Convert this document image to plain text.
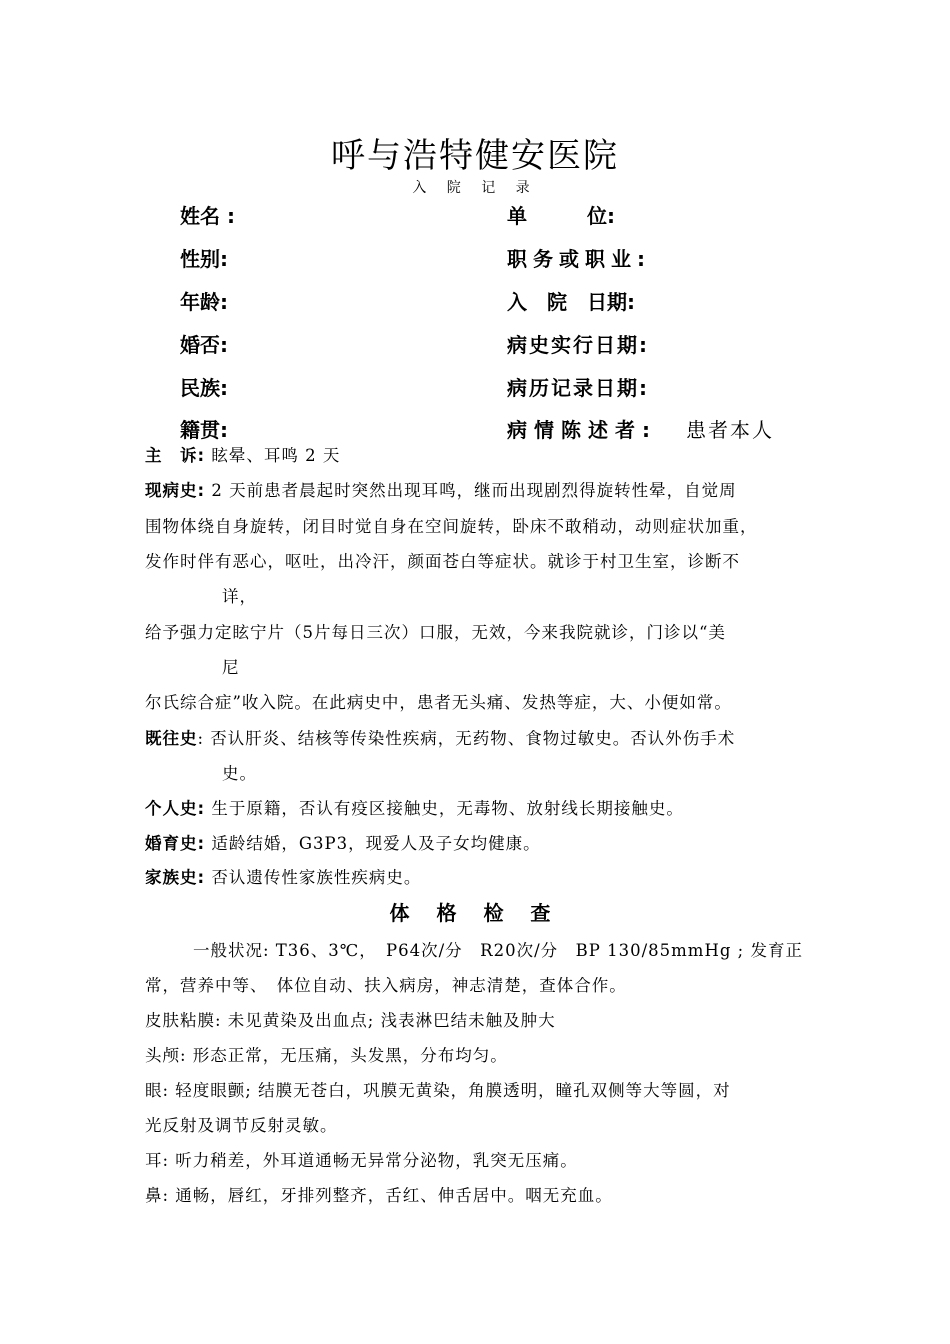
呼与浩特健安医院
入 院 记 录
姓名 :	单　　　位:
性别:	职务或职业:
年龄:	入　院　日期:
婚否:	病史实行日期:
民族:	病历记录日期:
籍贯:	病情陈述者: 患者本人
主　诉: 眩晕、耳鸣 2 天
现病史: 2 天前患者晨起时突然出现耳鸣，继而出现剧烈得旋转性晕，自觉周
围物体绕自身旋转，闭目时觉自身在空间旋转，卧床不敢稍动，动则症状加重，
发作时伴有恶心，呕吐，出冷汗，颜面苍白等症状。就诊于村卫生室，诊断不
详，
给予强力定眩宁片（5片每日三次）口服，无效，今来我院就诊，门诊以“美
尼
尔氏综合症”收入院。在此病史中，患者无头痛、发热等症，大、小便如常。
既往史: 否认肝炎、结核等传染性疾病，无药物、食物过敏史。否认外伤手术
史。
个人史: 生于原籍，否认有疫区接触史，无毒物、放射线长期接触史。
婚育史: 适龄结婚，G3P3，现爱人及子女均健康。
家族史: 否认遗传性家族性疾病史。
体 格 检 查
一般状况: T36、3℃，　P64次/分　R20次/分　BP 130/85mmHg ; 发育正
常，营养中等、　体位自动、扶入病房，神志清楚，查体合作。
皮肤粘膜: 未见黄染及出血点; 浅表淋巴结未触及肿大
头颅: 形态正常，无压痛，头发黑，分布均匀。
眼: 轻度眼颤; 结膜无苍白，巩膜无黄染，角膜透明，瞳孔双侧等大等圆，对
光反射及调节反射灵敏。
耳: 听力稍差，外耳道通畅无异常分泌物，乳突无压痛。
鼻: 通畅，唇红，牙排列整齐，舌红、伸舌居中。咽无充血。
